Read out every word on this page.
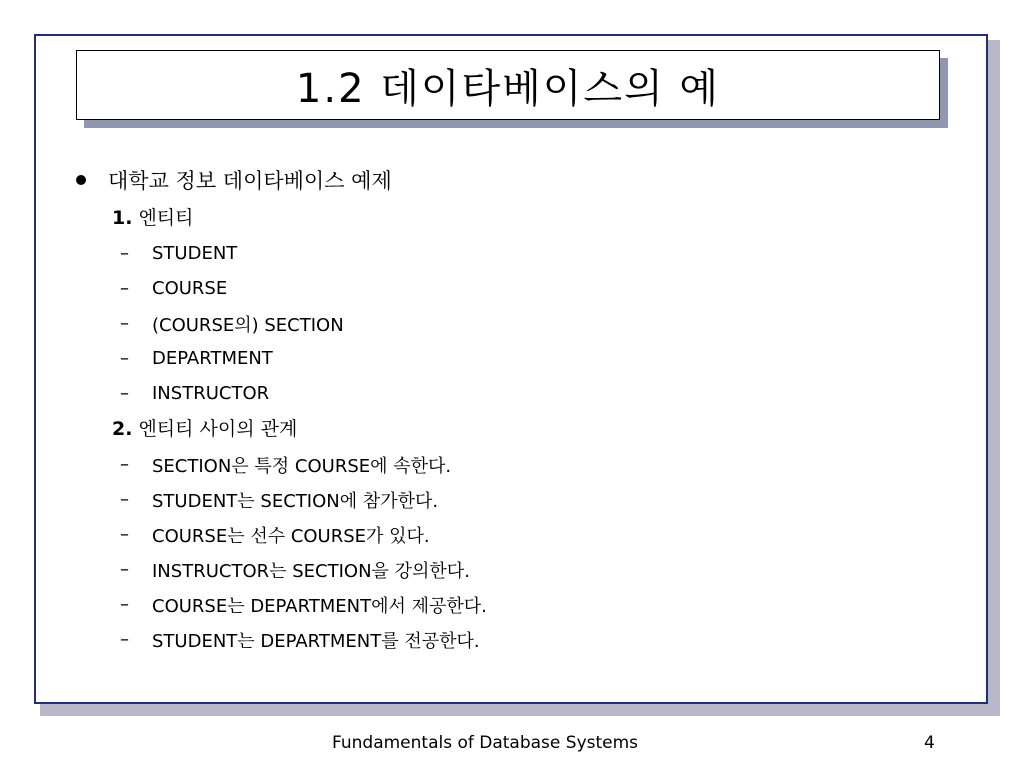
1.2 데이타베이스의 예
대학교 정보 데이타베이스 예제
1. 엔티티
–	STUDENT
–	COURSE
–	(COURSE의) SECTION
–	DEPARTMENT
–	INSTRUCTOR
2. 엔티티 사이의 관계
–	SECTION은 특정 COURSE에 속한다.
–	STUDENT는 SECTION에 참가한다.
–	COURSE는 선수 COURSE가 있다.
–	INSTRUCTOR는 SECTION을 강의한다.
–	COURSE는 DEPARTMENT에서 제공한다.
–	STUDENT는 DEPARTMENT를 전공한다.
Fundamentals of Database Systems	4
